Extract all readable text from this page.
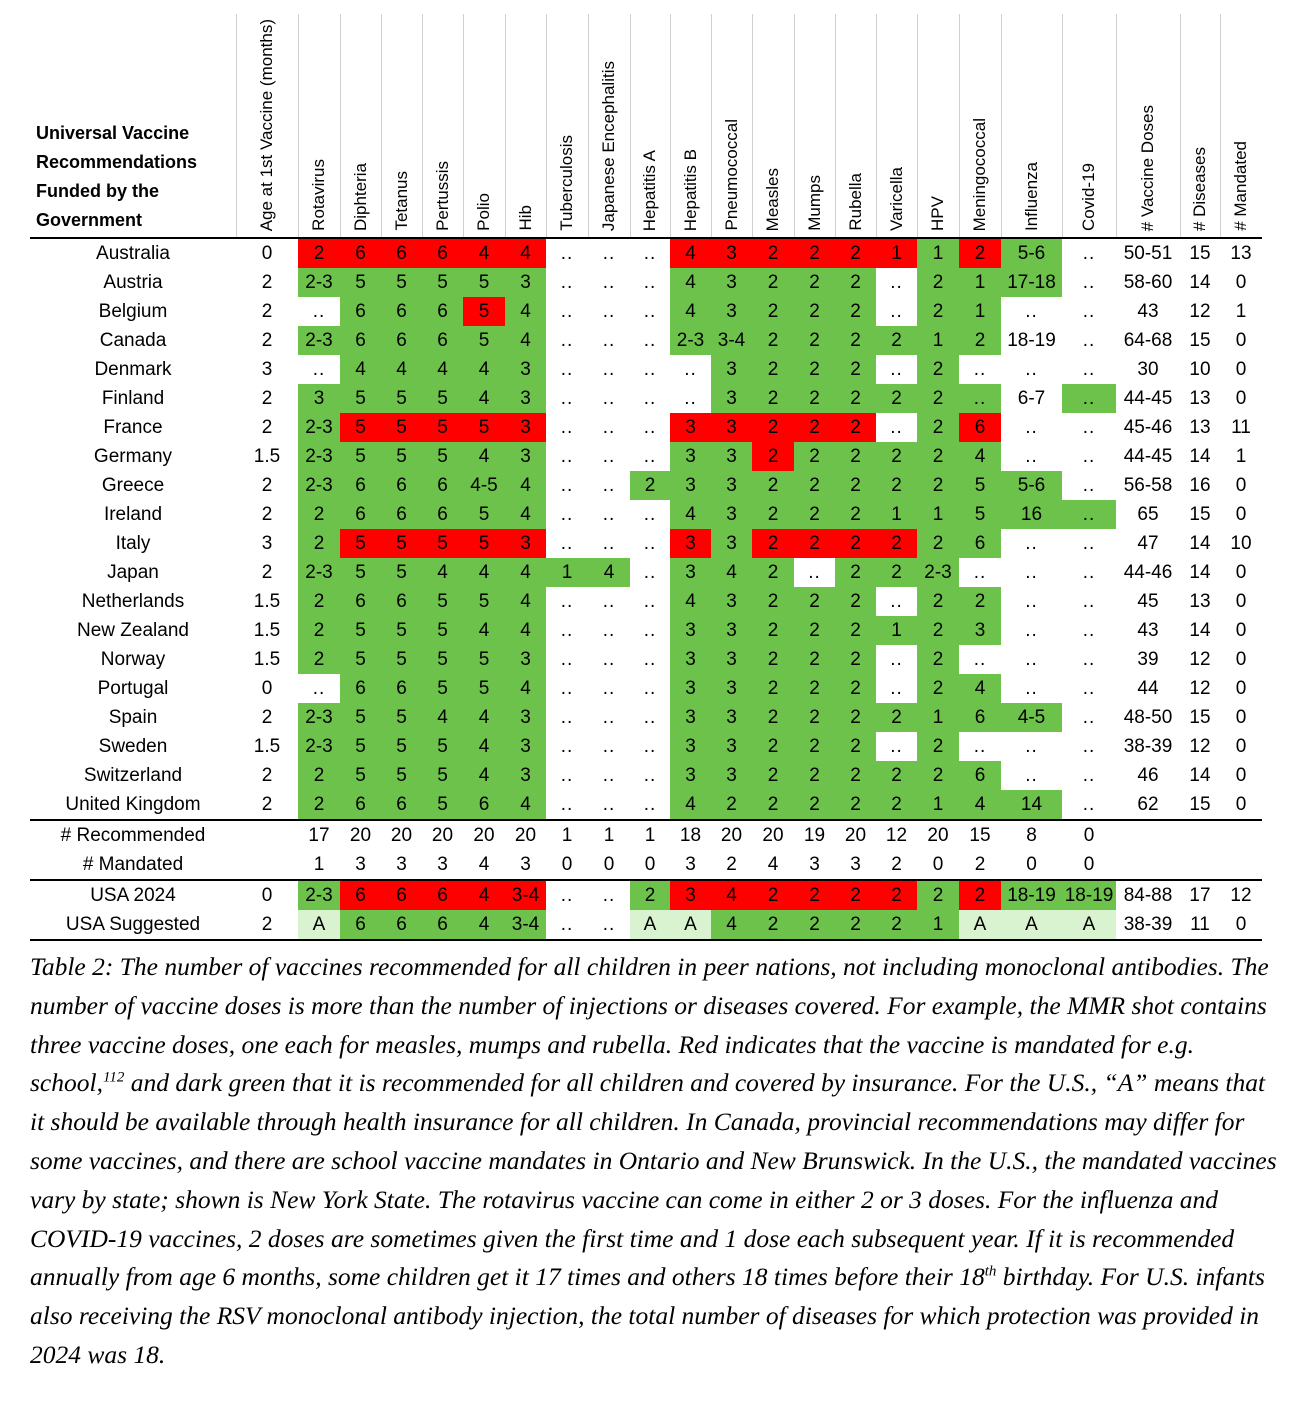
Universal Vaccine Recommendations Funded by the Government	Age at 1st Vaccine (months)	Rotavirus	Diphteria	Tetanus	Pertussis	Polio	Hib	Tuberculosis	Japanese Encephalitis	Hepatitis A	Hepatitis B	Pneumococcal	Measles	Mumps	Rubella	Varicella	HPV	Meningococcal	Influenza	Covid-19	# Vaccine Doses	# Diseases	# Mandated
Australia	0	2	6	6	6	4	4	..	..	..	4	3	2	2	2	1	1	2	5-6	..	50-51	15	13
Austria	2	2-3	5	5	5	5	3	..	..	..	4	3	2	2	2	..	2	1	17-18	..	58-60	14	0
Belgium	2	..	6	6	6	5	4	..	..	..	4	3	2	2	2	..	2	1	..	..	43	12	1
Canada	2	2-3	6	6	6	5	4	..	..	..	2-3	3-4	2	2	2	2	1	2	18-19	..	64-68	15	0
Denmark	3	..	4	4	4	4	3	..	..	..	..	3	2	2	2	..	2	..	..	..	30	10	0
Finland	2	3	5	5	5	4	3	..	..	..	..	3	2	2	2	2	2	..	6-7	..	44-45	13	0
France	2	2-3	5	5	5	5	3	..	..	..	3	3	2	2	2	..	2	6	..	..	45-46	13	11
Germany	1.5	2-3	5	5	5	4	3	..	..	..	3	3	2	2	2	2	2	4	..	..	44-45	14	1
Greece	2	2-3	6	6	6	4-5	4	..	..	2	3	3	2	2	2	2	2	5	5-6	..	56-58	16	0
Ireland	2	2	6	6	6	5	4	..	..	..	4	3	2	2	2	1	1	5	16	..	65	15	0
Italy	3	2	5	5	5	5	3	..	..	..	3	3	2	2	2	2	2	6	..	..	47	14	10
Japan	2	2-3	5	5	4	4	4	1	4	..	3	4	2	..	2	2	2-3	..	..	..	44-46	14	0
Netherlands	1.5	2	6	6	5	5	4	..	..	..	4	3	2	2	2	..	2	2	..	..	45	13	0
New Zealand	1.5	2	5	5	5	4	4	..	..	..	3	3	2	2	2	1	2	3	..	..	43	14	0
Norway	1.5	2	5	5	5	5	3	..	..	..	3	3	2	2	2	..	2	..	..	..	39	12	0
Portugal	0	..	6	6	5	5	4	..	..	..	3	3	2	2	2	..	2	4	..	..	44	12	0
Spain	2	2-3	5	5	4	4	3	..	..	..	3	3	2	2	2	2	1	6	4-5	..	48-50	15	0
Sweden	1.5	2-3	5	5	5	4	3	..	..	..	3	3	2	2	2	..	2	..	..	..	38-39	12	0
Switzerland	2	2	5	5	5	4	3	..	..	..	3	3	2	2	2	2	2	6	..	..	46	14	0
United Kingdom	2	2	6	6	5	6	4	..	..	..	4	2	2	2	2	2	1	4	14	..	62	15	0
# Recommended		17	20	20	20	20	20	1	1	1	18	20	20	19	20	12	20	15	8	0			
# Mandated		1	3	3	3	4	3	0	0	0	3	2	4	3	3	2	0	2	0	0			
USA 2024	0	2-3	6	6	6	4	3-4	..	..	2	3	4	2	2	2	2	2	2	18-19	18-19	84-88	17	12
USA Suggested	2	A	6	6	6	4	3-4	..	..	A	A	4	2	2	2	2	1	A	A	A	38-39	11	0

Table 2: The number of vaccines recommended for all children in peer nations, not including monoclonal antibodies. The number of vaccine doses is more than the number of injections or diseases covered. For example, the MMR shot contains three vaccine doses, one each for measles, mumps and rubella. Red indicates that the vaccine is mandated for e.g. school,$^{112}$ and dark green that it is recommended for all children and covered by insurance. For the U.S., “A” means that it should be available through health insurance for all children. In Canada, provincial recommendations may differ for some vaccines, and there are school vaccine mandates in Ontario and New Brunswick. In the U.S., the mandated vaccines vary by state; shown is New York State. The rotavirus vaccine can come in either 2 or 3 doses. For the influenza and COVID-19 vaccines, 2 doses are sometimes given the first time and 1 dose each subsequent year. If it is recommended annually from age 6 months, some children get it 17 times and others 18 times before their 18th birthday. For U.S. infants also receiving the RSV monoclonal antibody injection, the total number of diseases for which protection was provided in 2024 was 18.
